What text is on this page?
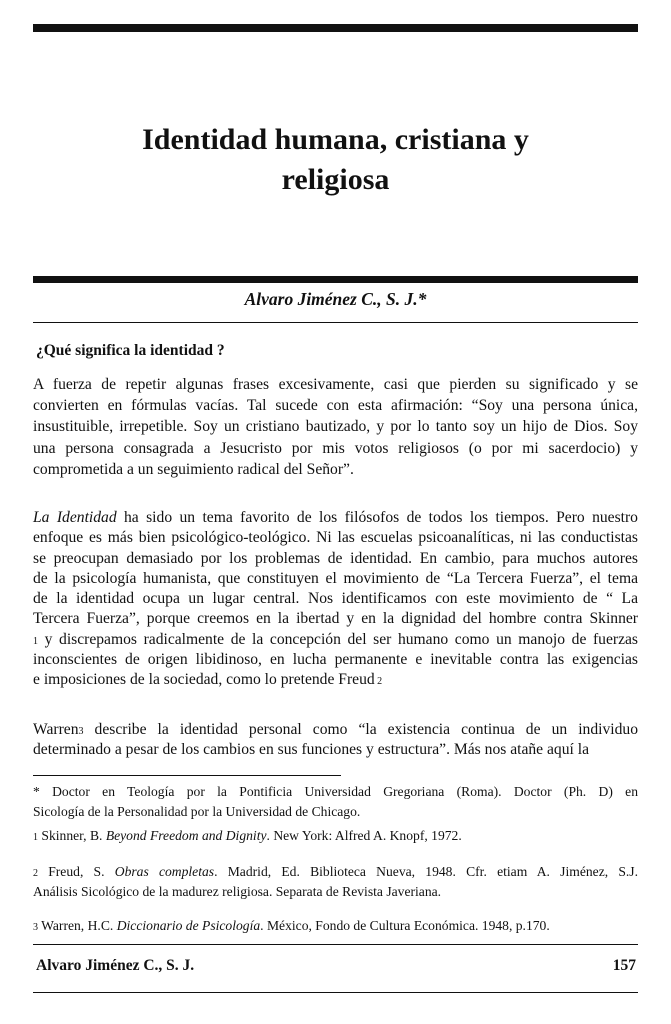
Identidad humana, cristiana y
religiosa
Alvaro Jiménez C., S. J.*
¿Qué significa la identidad ?
A fuerza de repetir algunas frases excesivamente, casi que pierden su significado y se
convierten en fórmulas vacías. Tal sucede con esta afirmación: “Soy una persona única,
insustituible, irrepetible. Soy un cristiano bautizado, y por lo tanto soy un hijo de Dios. Soy
una persona consagrada a Jesucristo por mis votos religiosos (o por mi sacerdocio) y
comprometida a un seguimiento radical del Señor”.
La Identidad ha sido un tema favorito de los filósofos de todos los tiempos. Pero nuestro
enfoque es más bien psicológico-teológico. Ni las escuelas psicoanalíticas, ni las conductistas
se preocupan demasiado por los problemas de identidad. En cambio, para muchos autores
de la psicología humanista, que constituyen el movimiento de “La Tercera Fuerza”, el tema
de la identidad ocupa un lugar central. Nos identificamos con este movimiento de “ La
Tercera Fuerza”, porque creemos en la ibertad y en la dignidad del hombre contra Skinner
1 y discrepamos radicalmente de la concepción del ser humano como un manojo de fuerzas
inconscientes de origen libidinoso, en lucha permanente e inevitable contra las exigencias
e imposiciones de la sociedad, como lo pretende Freud 2
Warren3 describe la identidad personal como “la existencia continua de un individuo
determinado a pesar de los cambios en sus funciones y estructura”. Más nos atañe aquí la
* Doctor en Teología por la Pontificia Universidad Gregoriana (Roma). Doctor (Ph. D) en
Sicología de la Personalidad por la Universidad de Chicago.
1 Skinner, B. Beyond Freedom and Dignity. New York: Alfred A. Knopf, 1972.
2 Freud, S. Obras completas. Madrid, Ed. Biblioteca Nueva, 1948. Cfr. etiam A. Jiménez, S.J.
Análisis Sicológico de la madurez religiosa. Separata de Revista Javeriana.
3 Warren, H.C. Diccionario de Psicología. México, Fondo de Cultura Económica. 1948, p.170.
Alvaro Jiménez C., S. J.	157
